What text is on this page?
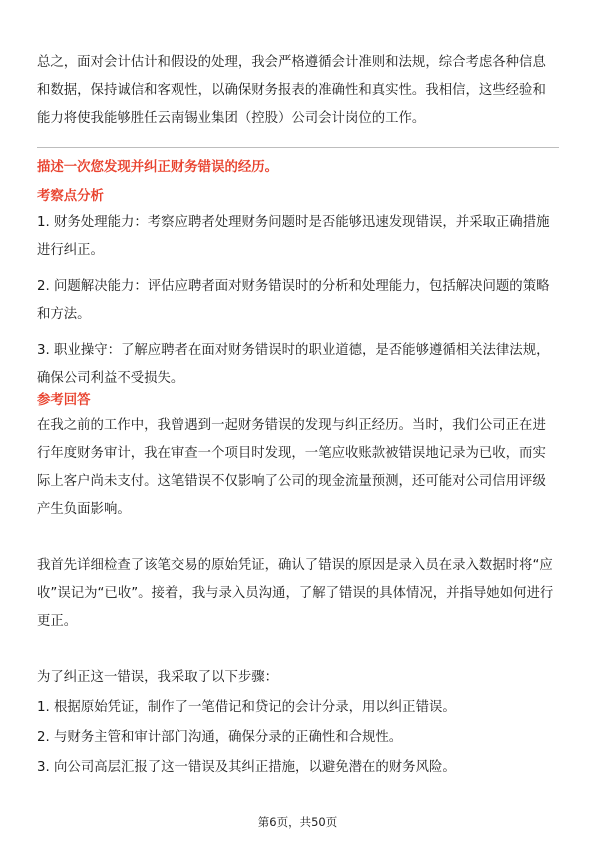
总之，面对会计估计和假设的处理，我会严格遵循会计准则和法规，综合考虑各种信息和数据，保持诚信和客观性，以确保财务报表的准确性和真实性。我相信，这些经验和能力将使我能够胜任云南锡业集团（控股）公司会计岗位的工作。

描述一次您发现并纠正财务错误的经历。

考察点分析

1. 财务处理能力：考察应聘者处理财务问题时是否能够迅速发现错误，并采取正确措施进行纠正。

2. 问题解决能力：评估应聘者面对财务错误时的分析和处理能力，包括解决问题的策略和方法。

3. 职业操守：了解应聘者在面对财务错误时的职业道德，是否能够遵循相关法律法规，确保公司利益不受损失。

参考回答

在我之前的工作中，我曾遇到一起财务错误的发现与纠正经历。当时，我们公司正在进行年度财务审计，我在审查一个项目时发现，一笔应收账款被错误地记录为已收，而实际上客户尚未支付。这笔错误不仅影响了公司的现金流量预测，还可能对公司信用评级产生负面影响。

我首先详细检查了该笔交易的原始凭证，确认了错误的原因是录入员在录入数据时将“应收”误记为“已收”。接着，我与录入员沟通，了解了错误的具体情况，并指导她如何进行更正。

为了纠正这一错误，我采取了以下步骤：

1. 根据原始凭证，制作了一笔借记和贷记的会计分录，用以纠正错误。

2. 与财务主管和审计部门沟通，确保分录的正确性和合规性。

3. 向公司高层汇报了这一错误及其纠正措施，以避免潜在的财务风险。

第6页，共50页
